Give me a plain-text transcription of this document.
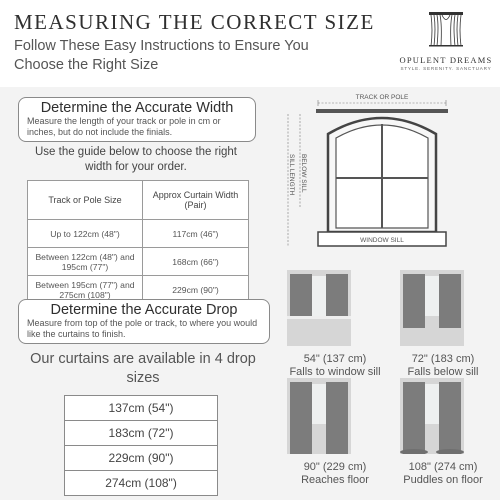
MEASURING THE CORRECT SIZE
Follow These Easy Instructions to Ensure You Choose the Right Size	OPULENT DREAMS
STYLE. SERENITY. SANCTUARY
Determine the Accurate Width
Measure the length of your track or pole in cm or inches, but do not include the finials.
Use the guide below to choose the right width for your order.
Track or Pole Size	Approx Curtain Width (Pair)
Up to 122cm (48")	117cm (46")
Between 122cm (48") and 195cm (77")	168cm (66")
Between 195cm (77") and 275cm (108")	229cm (90")
Determine the Accurate Drop
Measure from top of the pole or track, to where you would like the curtains to finish.
Our curtains are available in 4 drop sizes
137cm (54")
183cm (72")
229cm (90")
274cm (108")
TRACK OR POLE
WINDOW SILL
SILL LENGTH BELOW SILL
54" (137 cm)
Falls to window sill
72" (183 cm)
Falls below sill
90" (229 cm)
Reaches floor
108" (274 cm)
Puddles on floor
